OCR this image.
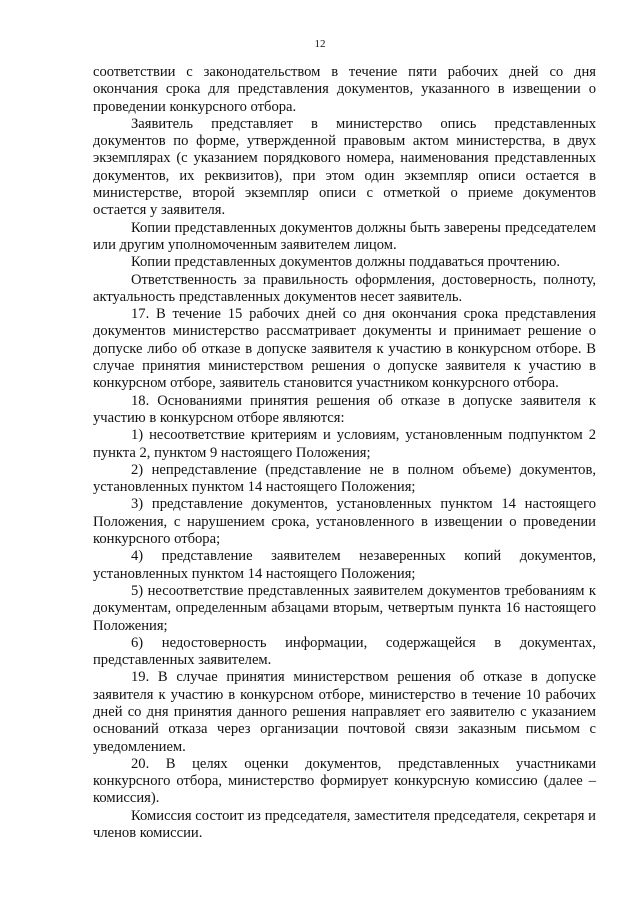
12

соответствии с законодательством в течение пяти рабочих дней со дня окончания срока для представления документов, указанного в извещении о проведении конкурсного отбора.

Заявитель представляет в министерство опись представленных документов по форме, утвержденной правовым актом министерства, в двух экземплярах (с указанием порядкового номера, наименования представленных документов, их реквизитов), при этом один экземпляр описи остается в министерстве, второй экземпляр описи с отметкой о приеме документов остается у заявителя.

Копии представленных документов должны быть заверены председателем или другим уполномоченным заявителем лицом.

Копии представленных документов должны поддаваться прочтению.

Ответственность за правильность оформления, достоверность, полноту, актуальность представленных документов несет заявитель.

17. В течение 15 рабочих дней со дня окончания срока представления документов министерство рассматривает документы и принимает решение о допуске либо об отказе в допуске заявителя к участию в конкурсном отборе. В случае принятия министерством решения о допуске заявителя к участию в конкурсном отборе, заявитель становится участником конкурсного отбора.

18. Основаниями принятия решения об отказе в допуске заявителя к участию в конкурсном отборе являются:

1) несоответствие критериям и условиям, установленным подпунктом 2 пункта 2, пунктом 9 настоящего Положения;

2) непредставление (представление не в полном объеме) документов, установленных пунктом 14 настоящего Положения;

3) представление документов, установленных пунктом 14 настоящего Положения, с нарушением срока, установленного в извещении о проведении конкурсного отбора;

4) представление заявителем незаверенных копий документов, установленных пунктом 14 настоящего Положения;

5) несоответствие представленных заявителем документов требованиям к документам, определенным абзацами вторым, четвертым пункта 16 настоящего Положения;

6) недостоверность информации, содержащейся в документах, представленных заявителем.

19. В случае принятия министерством решения об отказе в допуске заявителя к участию в конкурсном отборе, министерство в течение 10 рабочих дней со дня принятия данного решения направляет его заявителю с указанием оснований отказа через организации почтовой связи заказным письмом с уведомлением.

20. В целях оценки документов, представленных участниками конкурсного отбора, министерство формирует конкурсную комиссию (далее – комиссия).

Комиссия состоит из председателя, заместителя председателя, секретаря и членов комиссии.
